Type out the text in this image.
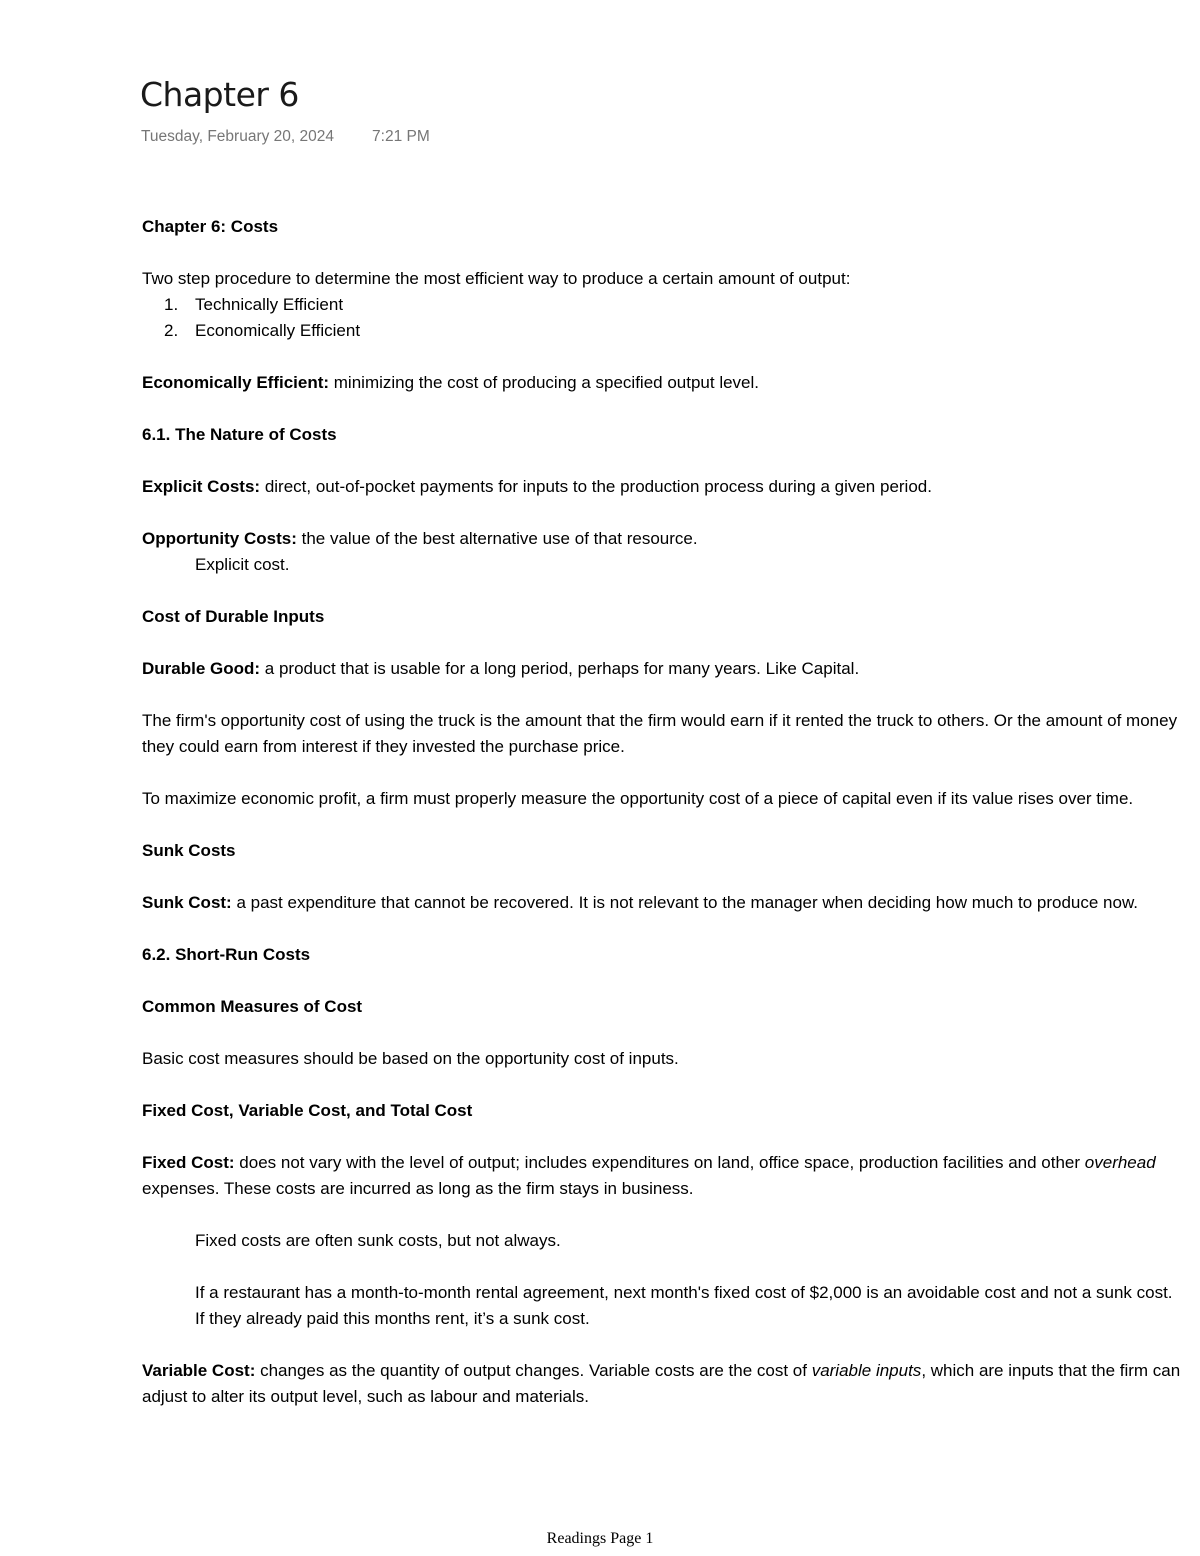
Chapter 6
Tuesday, February 20, 2024 7:21 PM

Chapter 6: Costs

Two step procedure to determine the most efficient way to produce a certain amount of output:

1. Technically Efficient
2. Economically Efficient

Economically Efficient: minimizing the cost of producing a specified output level.

6.1. The Nature of Costs

Explicit Costs: direct, out-of-pocket payments for inputs to the production process during a given period.

Opportunity Costs: the value of the best alternative use of that resource.

Explicit cost.

Cost of Durable Inputs

Durable Good: a product that is usable for a long period, perhaps for many years. Like Capital.

The firm's opportunity cost of using the truck is the amount that the firm would earn if it rented the truck to others. Or the amount of money they could earn from interest if they invested the purchase price.

To maximize economic profit, a firm must properly measure the opportunity cost of a piece of capital even if its value rises over time.

Sunk Costs

Sunk Cost: a past expenditure that cannot be recovered. It is not relevant to the manager when deciding how much to produce now.

6.2. Short-Run Costs

Common Measures of Cost

Basic cost measures should be based on the opportunity cost of inputs.

Fixed Cost, Variable Cost, and Total Cost

Fixed Cost: does not vary with the level of output; includes expenditures on land, office space, production facilities and other overhead expenses. These costs are incurred as long as the firm stays in business.

Fixed costs are often sunk costs, but not always.

If a restaurant has a month-to-month rental agreement, next month's fixed cost of $2,000 is an avoidable cost and not a sunk cost. If they already paid this months rent, it’s a sunk cost.

Variable Cost: changes as the quantity of output changes. Variable costs are the cost of variable inputs, which are inputs that the firm can adjust to alter its output level, such as labour and materials.

Readings Page 1
